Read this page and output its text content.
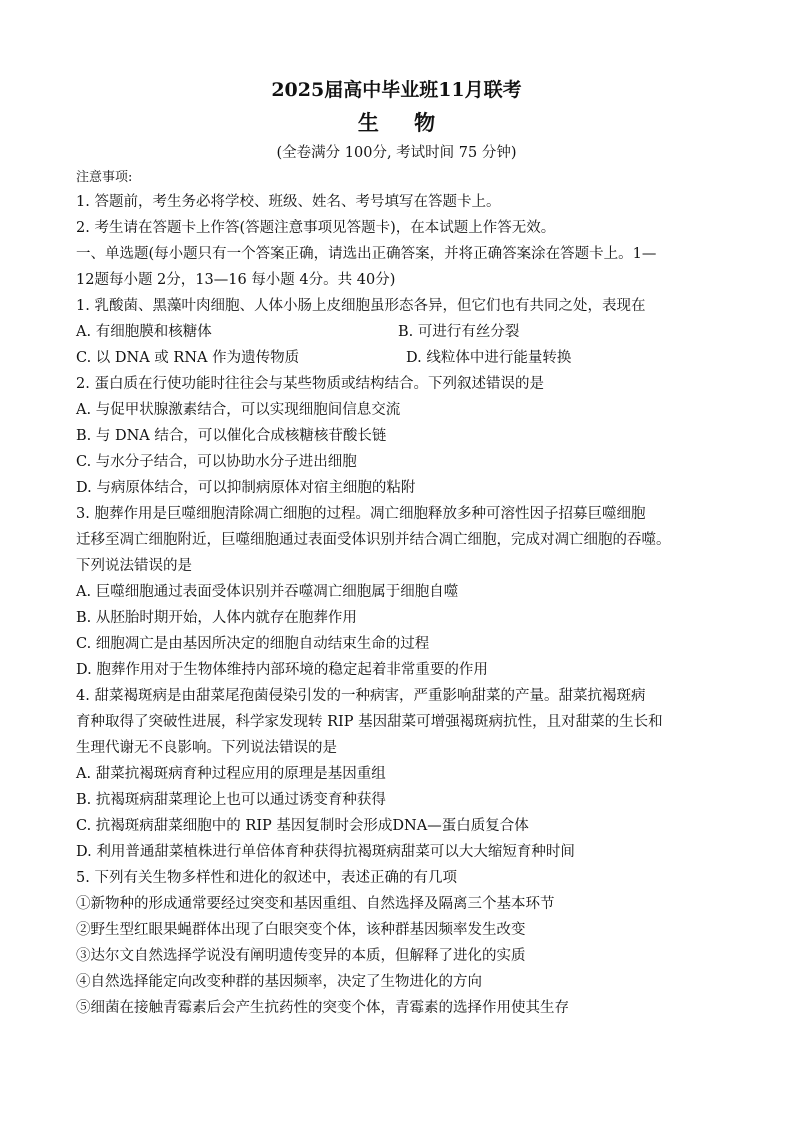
2025届高中毕业班11月联考
生 物
(全卷满分 100分, 考试时间 75 分钟)
注意事项:
1. 答题前，考生务必将学校、班级、姓名、考号填写在答题卡上。
2. 考生请在答题卡上作答(答题注意事项见答题卡)，在本试题上作答无效。
一、单选题(每小题只有一个答案正确，请选出正确答案，并将正确答案涂在答题卡上。1—
12题每小题 2分，13—16 每小题 4分。共 40分)
1. 乳酸菌、黑藻叶肉细胞、人体小肠上皮细胞虽形态各异，但它们也有共同之处，表现在
A. 有细胞膜和核糖体	B. 可进行有丝分裂
C. 以 DNA 或 RNA 作为遗传物质	D. 线粒体中进行能量转换
2. 蛋白质在行使功能时往往会与某些物质或结构结合。下列叙述错误的是
A. 与促甲状腺激素结合，可以实现细胞间信息交流
B. 与 DNA 结合，可以催化合成核糖核苷酸长链
C. 与水分子结合，可以协助水分子进出细胞
D. 与病原体结合，可以抑制病原体对宿主细胞的粘附
3. 胞葬作用是巨噬细胞清除凋亡细胞的过程。凋亡细胞释放多种可溶性因子招募巨噬细胞
迁移至凋亡细胞附近，巨噬细胞通过表面受体识别并结合凋亡细胞，完成对凋亡细胞的吞噬。
下列说法错误的是
A. 巨噬细胞通过表面受体识别并吞噬凋亡细胞属于细胞自噬
B. 从胚胎时期开始，人体内就存在胞葬作用
C. 细胞凋亡是由基因所决定的细胞自动结束生命的过程
D. 胞葬作用对于生物体维持内部环境的稳定起着非常重要的作用
4. 甜菜褐斑病是由甜菜尾孢菌侵染引发的一种病害，严重影响甜菜的产量。甜菜抗褐斑病
育种取得了突破性进展，科学家发现转 RIP 基因甜菜可增强褐斑病抗性，且对甜菜的生长和
生理代谢无不良影响。下列说法错误的是
A. 甜菜抗褐斑病育种过程应用的原理是基因重组
B. 抗褐斑病甜菜理论上也可以通过诱变育种获得
C. 抗褐斑病甜菜细胞中的 RIP 基因复制时会形成DNA—蛋白质复合体
D. 利用普通甜菜植株进行单倍体育种获得抗褐斑病甜菜可以大大缩短育种时间
5. 下列有关生物多样性和进化的叙述中，表述正确的有几项
①新物种的形成通常要经过突变和基因重组、自然选择及隔离三个基本环节
②野生型红眼果蝇群体出现了白眼突变个体，该种群基因频率发生改变
③达尔文自然选择学说没有阐明遗传变异的本质，但解释了进化的实质
④自然选择能定向改变种群的基因频率，决定了生物进化的方向
⑤细菌在接触青霉素后会产生抗药性的突变个体，青霉素的选择作用使其生存
